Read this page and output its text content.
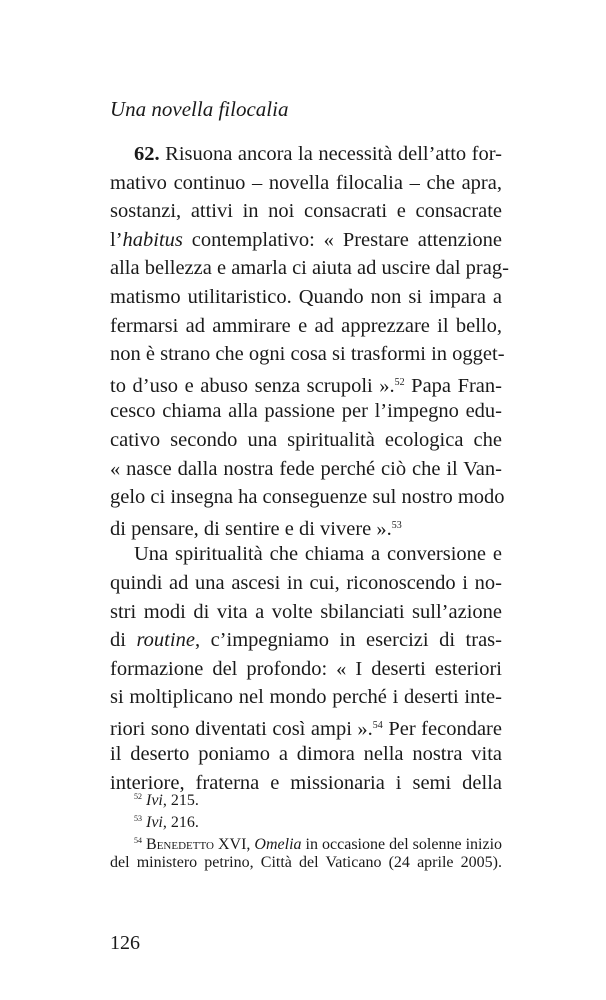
Una novella filocalia
62. Risuona ancora la necessità dell’atto for-
mativo continuo – novella filocalia – che apra,
sostanzi, attivi in noi consacrati e consacrate
l’habitus contemplativo: « Prestare attenzione
alla bellezza e amarla ci aiuta ad uscire dal prag-
matismo utilitaristico. Quando non si impara a
fermarsi ad ammirare e ad apprezzare il bello,
non è strano che ogni cosa si trasformi in ogget-
to d’uso e abuso senza scrupoli ».$^{52}$ Papa Fran-
cesco chiama alla passione per l’impegno edu-
cativo secondo una spiritualità ecologica che
« nasce dalla nostra fede perché ciò che il Van-
gelo ci insegna ha conseguenze sul nostro modo
di pensare, di sentire e di vivere ».$^{53}$
Una spiritualità che chiama a conversione e
quindi ad una ascesi in cui, riconoscendo i no-
stri modi di vita a volte sbilanciati sull’azione
di routine, c’impegniamo in esercizi di tras-
formazione del profondo: « I deserti esteriori
si moltiplicano nel mondo perché i deserti inte-
riori sono diventati così ampi ».$^{54}$ Per fecondare
il deserto poniamo a dimora nella nostra vita
interiore, fraterna e missionaria i semi della
$^{52}$ Ivi, 215.
$^{53}$ Ivi, 216.
$^{54}$ Benedetto XVI, Omelia in occasione del solenne inizio
del ministero petrino, Città del Vaticano (24 aprile 2005).
126
